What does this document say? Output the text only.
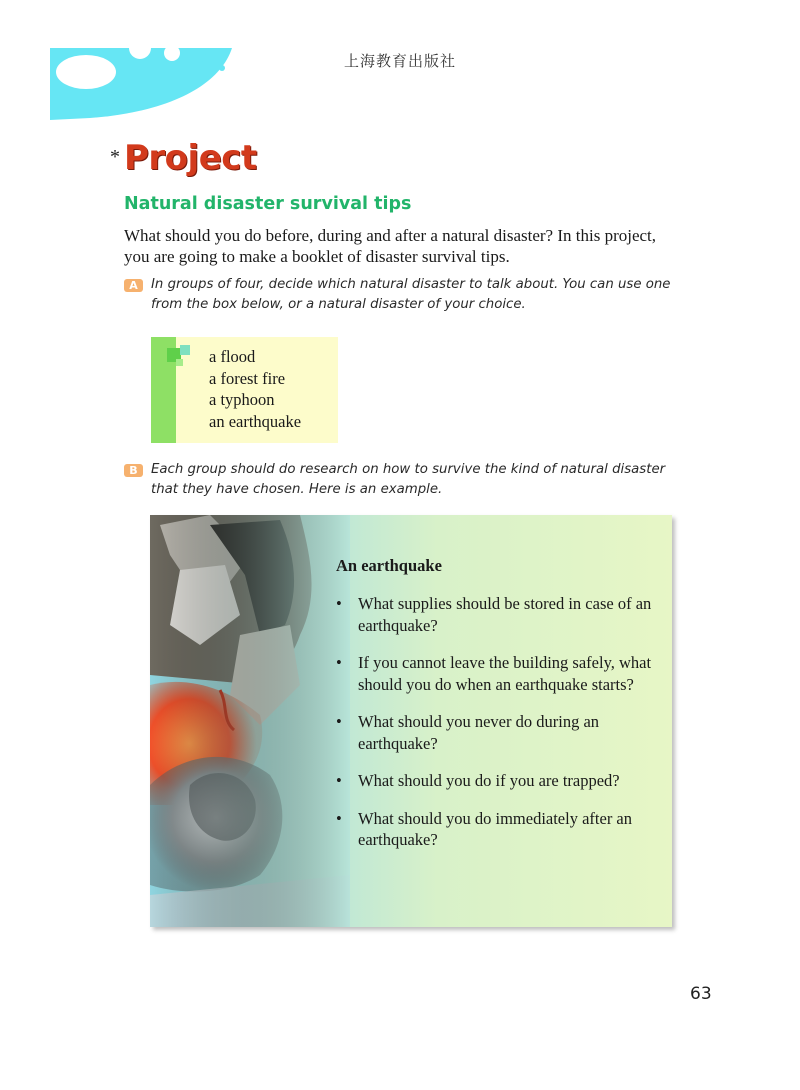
上海教育出版社
* Project
Natural disaster survival tips

What should you do before, during and after a natural disaster? In this project, you are going to make a booklet of disaster survival tips.

A In groups of four, decide which natural disaster to talk about. You can use one from the box below, or a natural disaster of your choice.

a flood
a forest fire
a typhoon
an earthquake
B	Each group should do research on how to survive the kind of natural disaster that they have chosen. Here is an example.

An earthquake
• What supplies should be stored in case of an earthquake?
• If you cannot leave the building safely, what should you do when an earthquake starts?
• What should you never do during an earthquake?
• What should you do if you are trapped?
• What should you do immediately after an earthquake?
63
